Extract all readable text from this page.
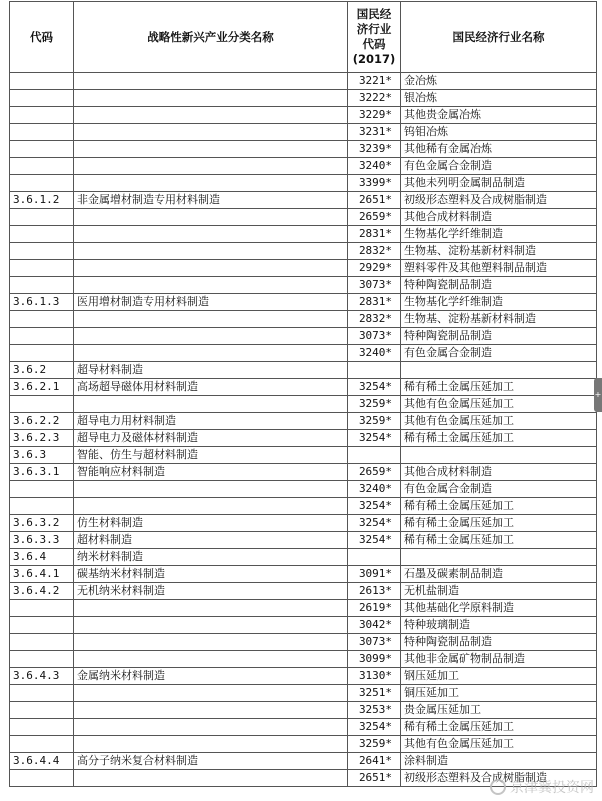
代码	战略性新兴产业分类名称	国民经
济行业
代码
(2017)	国民经济行业名称
		3221*	金冶炼
		3222*	银冶炼
		3229*	其他贵金属冶炼
		3231*	钨钼冶炼
		3239*	其他稀有金属冶炼
		3240*	有色金属合金制造
		3399*	其他未列明金属制品制造
3.6.1.2	非金属增材制造专用材料制造	2651*	初级形态塑料及合成树脂制造
		2659*	其他合成材料制造
		2831*	生物基化学纤维制造
		2832*	生物基、淀粉基新材料制造
		2929*	塑料零件及其他塑料制品制造
		3073*	特种陶瓷制品制造
3.6.1.3	医用增材制造专用材料制造	2831*	生物基化学纤维制造
		2832*	生物基、淀粉基新材料制造
		3073*	特种陶瓷制品制造
		3240*	有色金属合金制造
3.6.2	超导材料制造		
3.6.2.1	高场超导磁体用材料制造	3254*	稀有稀土金属压延加工
		3259*	其他有色金属压延加工
3.6.2.2	超导电力用材料制造	3259*	其他有色金属压延加工
3.6.2.3	超导电力及磁体材料制造	3254*	稀有稀土金属压延加工
3.6.3	智能、仿生与超材料制造		
3.6.3.1	智能响应材料制造	2659*	其他合成材料制造
		3240*	有色金属合金制造
		3254*	稀有稀土金属压延加工
3.6.3.2	仿生材料制造	3254*	稀有稀土金属压延加工
3.6.3.3	超材料制造	3254*	稀有稀土金属压延加工
3.6.4	纳米材料制造		
3.6.4.1	碳基纳米材料制造	3091*	石墨及碳素制品制造
3.6.4.2	无机纳米材料制造	2613*	无机盐制造
		2619*	其他基础化学原料制造
		3042*	特种玻璃制造
		3073*	特种陶瓷制品制造
		3099*	其他非金属矿物制品制造
3.6.4.3	金属纳米材料制造	3130*	钢压延加工
		3251*	铜压延加工
		3253*	贵金属压延加工
		3254*	稀有稀土金属压延加工
		3259*	其他有色金属压延加工
3.6.4.4	高分子纳米复合材料制造	2641*	涂料制造
		2651*	初级形态塑料及合成树脂制造
+
京津冀投资网
